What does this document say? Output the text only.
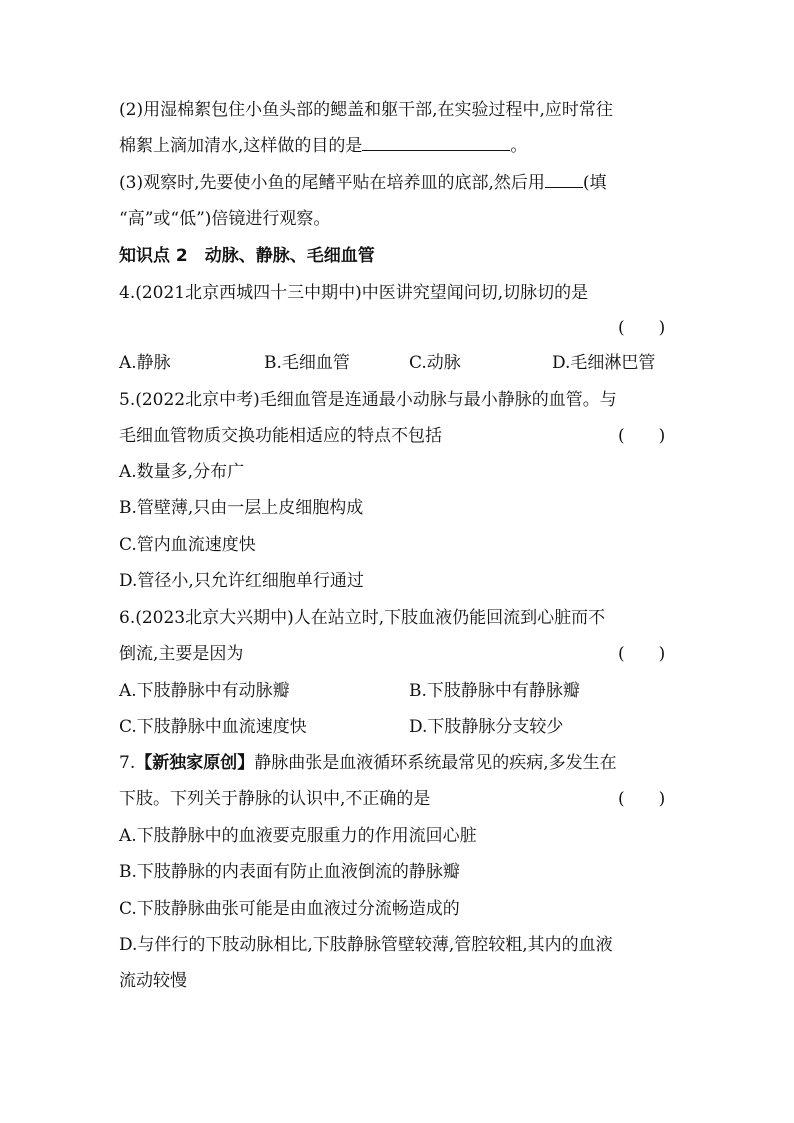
(2)用湿棉絮包住小鱼头部的鳃盖和躯干部,在实验过程中,应时常往
棉絮上滴加清水,这样做的目的是	。
(3)观察时,先要使小鱼的尾鳍平贴在培养皿的底部,然后用 (填
“高”或“低”)倍镜进行观察。
知识点 2　动脉、静脉、毛细血管
4.(2021北京西城四十三中期中)中医讲究望闻问切,切脉切的是
(　　)
A.静脉	B.毛细血管	C.动脉	D.毛细淋巴管
5.(2022北京中考)毛细血管是连通最小动脉与最小静脉的血管。与
毛细血管物质交换功能相适应的特点不包括	(　　)
A.数量多,分布广
B.管壁薄,只由一层上皮细胞构成
C.管内血流速度快
D.管径小,只允许红细胞单行通过
6.(2023北京大兴期中)人在站立时,下肢血液仍能回流到心脏而不
倒流,主要是因为	(　　)
A.下肢静脉中有动脉瓣	B.下肢静脉中有静脉瓣
C.下肢静脉中血流速度快	D.下肢静脉分支较少
7.【新独家原创】静脉曲张是血液循环系统最常见的疾病,多发生在
下肢。下列关于静脉的认识中,不正确的是	(　　)
A.下肢静脉中的血液要克服重力的作用流回心脏
B.下肢静脉的内表面有防止血液倒流的静脉瓣
C.下肢静脉曲张可能是由血液过分流畅造成的
D.与伴行的下肢动脉相比,下肢静脉管壁较薄,管腔较粗,其内的血液
流动较慢
